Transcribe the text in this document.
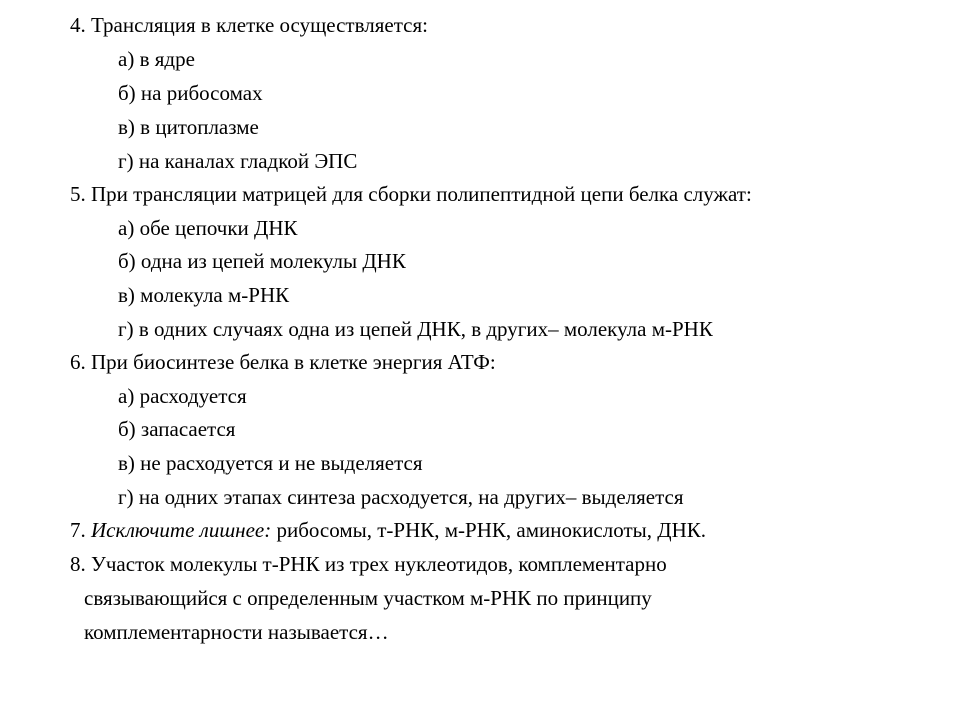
4. Трансляция в клетке осуществляется:
а) в ядре
б) на рибосомах
в) в цитоплазме
г) на каналах гладкой ЭПС
5. При трансляции матрицей для сборки полипептидной цепи белка служат:
а) обе цепочки ДНК
б) одна из цепей молекулы ДНК
в) молекула м-РНК
г) в одних случаях одна из цепей ДНК, в других– молекула м-РНК
6. При биосинтезе белка в клетке энергия АТФ:
а) расходуется
б) запасается
в) не расходуется и не выделяется
г) на одних этапах синтеза расходуется, на других– выделяется
7. Исключите лишнее: рибосомы, т-РНК, м-РНК, аминокислоты, ДНК.
8. Участок молекулы т-РНК из трех нуклеотидов, комплементарно
связывающийся с определенным участком м-РНК по принципу
комплементарности называется…
